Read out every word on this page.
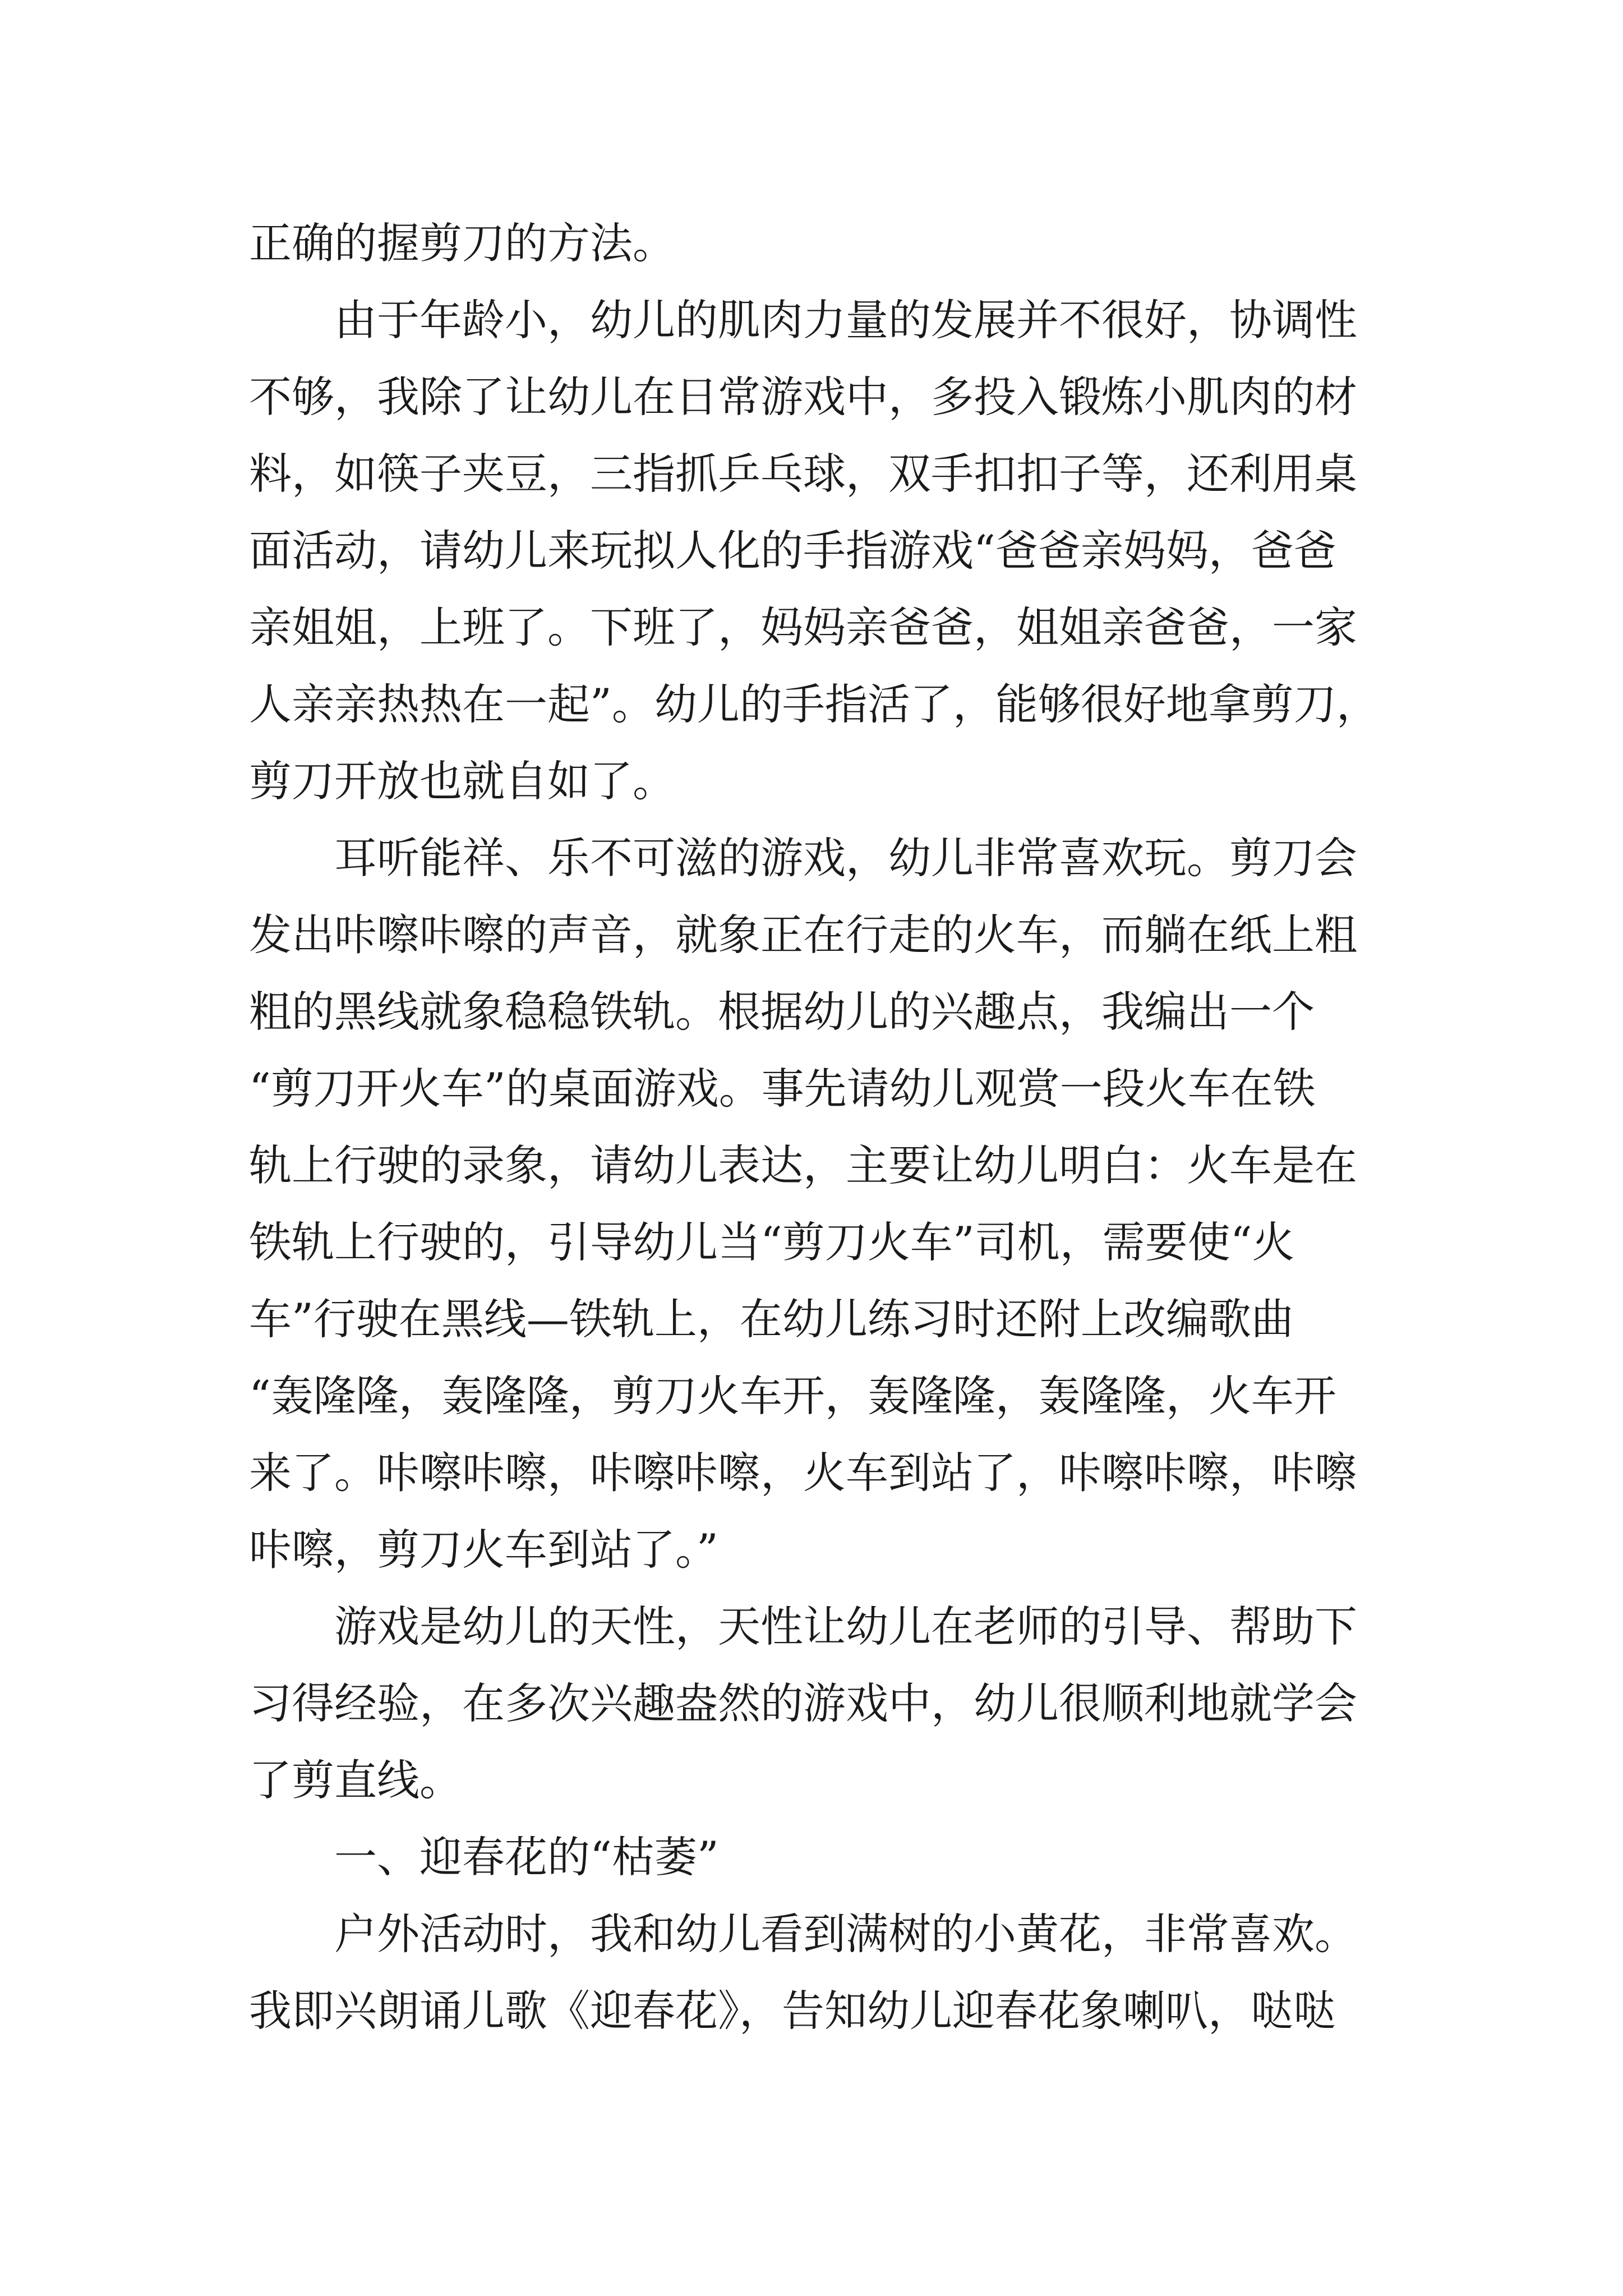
正确的握剪刀的方法。
由于年龄小，幼儿的肌肉力量的发展并不很好，协调性
不够，我除了让幼儿在日常游戏中，多投入锻炼小肌肉的材
料，如筷子夹豆，三指抓乒乓球，双手扣扣子等，还利用桌
面活动，请幼儿来玩拟人化的手指游戏“爸爸亲妈妈，爸爸
亲姐姐，上班了。下班了，妈妈亲爸爸，姐姐亲爸爸，一家
人亲亲热热在一起”。幼儿的手指活了，能够很好地拿剪刀，
剪刀开放也就自如了。
耳听能祥、乐不可滋的游戏，幼儿非常喜欢玩。剪刀会
发出咔嚓咔嚓的声音，就象正在行走的火车，而躺在纸上粗
粗的黑线就象稳稳铁轨。根据幼儿的兴趣点，我编出一个
“剪刀开火车”的桌面游戏。事先请幼儿观赏一段火车在铁
轨上行驶的录象，请幼儿表达，主要让幼儿明白：火车是在
铁轨上行驶的，引导幼儿当“剪刀火车”司机，需要使“火
车”行驶在黑线—铁轨上，在幼儿练习时还附上改编歌曲
“轰隆隆，轰隆隆，剪刀火车开，轰隆隆，轰隆隆，火车开
来了。咔嚓咔嚓，咔嚓咔嚓，火车到站了，咔嚓咔嚓，咔嚓
咔嚓，剪刀火车到站了。”
游戏是幼儿的天性，天性让幼儿在老师的引导、帮助下
习得经验，在多次兴趣盎然的游戏中，幼儿很顺利地就学会
了剪直线。
一、迎春花的“枯萎”
户外活动时，我和幼儿看到满树的小黄花，非常喜欢。
我即兴朗诵儿歌《迎春花》，告知幼儿迎春花象喇叭，哒哒
